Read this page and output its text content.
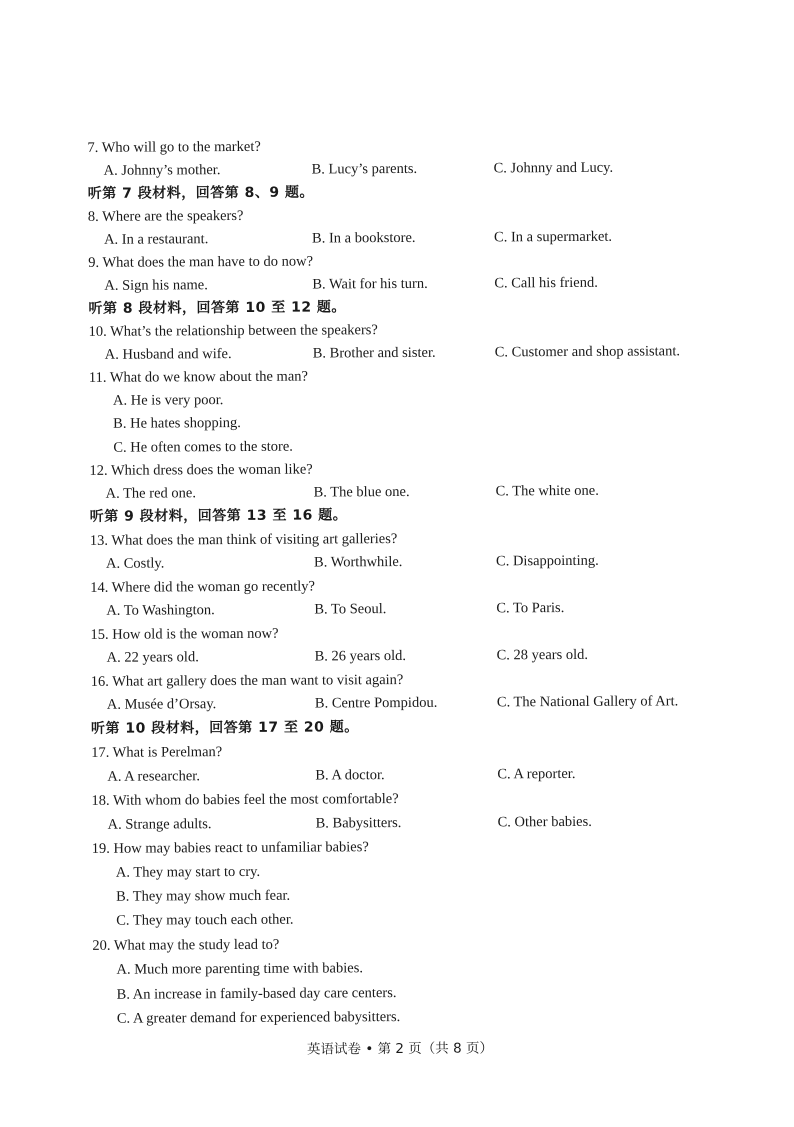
7. Who will go to the market?
A. Johnny’s mother.	B. Lucy’s parents.	C. Johnny and Lucy.
听第 7 段材料，回答第 8、9 题。
8. Where are the speakers?
A. In a restaurant.	B. In a bookstore.	C. In a supermarket.
9. What does the man have to do now?
A. Sign his name.	B. Wait for his turn.	C. Call his friend.
听第 8 段材料，回答第 10 至 12 题。
10. What’s the relationship between the speakers?
A. Husband and wife.	B. Brother and sister.	C. Customer and shop assistant.
11. What do we know about the man?
A. He is very poor.
B. He hates shopping.
C. He often comes to the store.
12. Which dress does the woman like?
A. The red one.	B. The blue one.	C. The white one.
听第 9 段材料，回答第 13 至 16 题。
13. What does the man think of visiting art galleries?
A. Costly.	B. Worthwhile.	C. Disappointing.
14. Where did the woman go recently?
A. To Washington.	B. To Seoul.	C. To Paris.
15. How old is the woman now?
A. 22 years old.	B. 26 years old.	C. 28 years old.
16. What art gallery does the man want to visit again?
A. Musée d’Orsay.	B. Centre Pompidou.	C. The National Gallery of Art.
听第 10 段材料，回答第 17 至 20 题。
17. What is Perelman?
A. A researcher.	B. A doctor.	C. A reporter.
18. With whom do babies feel the most comfortable?
A. Strange adults.	B. Babysitters.	C. Other babies.
19. How may babies react to unfamiliar babies?
A. They may start to cry.
B. They may show much fear.
C. They may touch each other.
20. What may the study lead to?
A. Much more parenting time with babies.
B. An increase in family-based day care centers.
C. A greater demand for experienced babysitters.
英语试卷 • 第 2 页（共 8 页）
